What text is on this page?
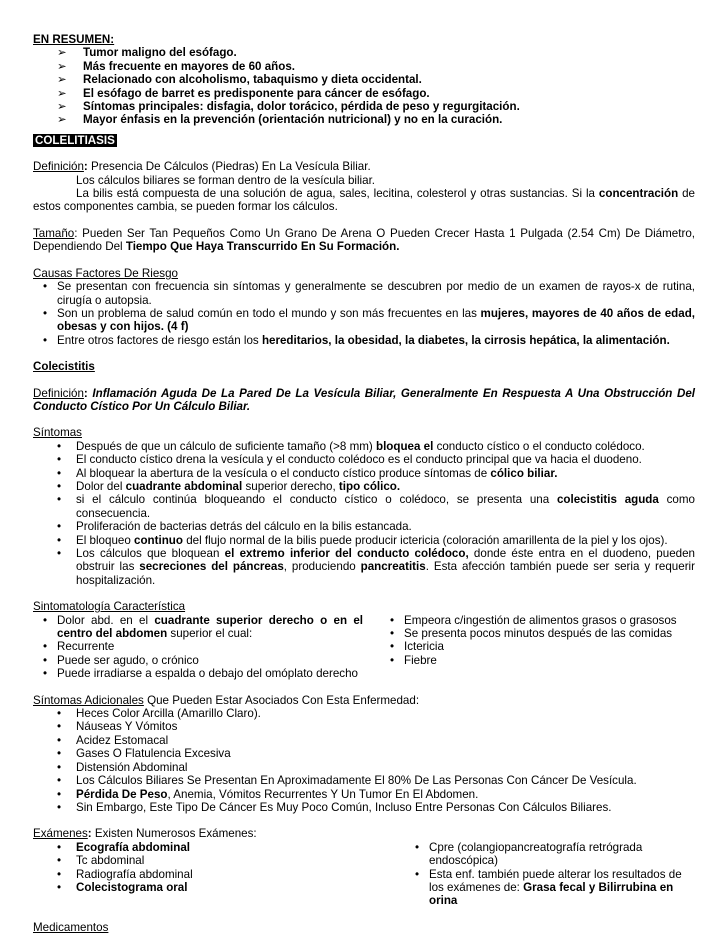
EN RESUMEN:
➢ Tumor maligno del esófago.
➢ Más frecuente en mayores de 60 años.
➢ Relacionado con alcoholismo, tabaquismo y dieta occidental.
➢ El esófago de barret es predisponente para cáncer de esófago.
➢ Síntomas principales: disfagia, dolor torácico, pérdida de peso y regurgitación.
➢ Mayor énfasis en la prevención (orientación nutricional) y no en la curación.
COLELITIASIS
Definición: Presencia De Cálculos (Piedras) En La Vesícula Biliar.
Los cálculos biliares se forman dentro de la vesícula biliar.
La bilis está compuesta de una solución de agua, sales, lecitina, colesterol y otras sustancias. Si la concentración de estos componentes cambia, se pueden formar los cálculos.
Tamaño: Pueden Ser Tan Pequeños Como Un Grano De Arena O Pueden Crecer Hasta 1 Pulgada (2.54 Cm) De Diámetro, Dependiendo Del Tiempo Que Haya Transcurrido En Su Formación.
Causas Factores De Riesgo
• Se presentan con frecuencia sin síntomas y generalmente se descubren por medio de un examen de rayos-x de rutina, cirugía o autopsia.
• Son un problema de salud común en todo el mundo y son más frecuentes en las mujeres, mayores de 40 años de edad, obesas y con hijos. (4 f)
• Entre otros factores de riesgo están los hereditarios, la obesidad, la diabetes, la cirrosis hepática, la alimentación.
Colecistitis
Definición: Inflamación Aguda De La Pared De La Vesícula Biliar, Generalmente En Respuesta A Una Obstrucción Del Conducto Cístico Por Un Cálculo Biliar.
Síntomas
• Después de que un cálculo de suficiente tamaño (>8 mm) bloquea el conducto cístico o el conducto colédoco.
• El conducto cístico drena la vesícula y el conducto colédoco es el conducto principal que va hacia el duodeno.
• Al bloquear la abertura de la vesícula o el conducto cístico produce síntomas de cólico biliar.
• Dolor del cuadrante abdominal superior derecho, tipo cólico.
• si el cálculo continúa bloqueando el conducto cístico o colédoco, se presenta una colecistitis aguda como consecuencia.
• Proliferación de bacterias detrás del cálculo en la bilis estancada.
• El bloqueo continuo del flujo normal de la bilis puede producir ictericia (coloración amarillenta de la piel y los ojos).
• Los cálculos que bloquean el extremo inferior del conducto colédoco, donde éste entra en el duodeno, pueden obstruir las secreciones del páncreas, produciendo pancreatitis. Esta afección también puede ser seria y requerir hospitalización.
Sintomatología Característica
• Dolor abd. en el cuadrante superior derecho o en el centro del abdomen superior el cual:
• Recurrente
• Puede ser agudo, o crónico
• Puede irradiarse a espalda o debajo del omóplato derecho
• Empeora c/ingestión de alimentos grasos o grasosos
• Se presenta pocos minutos después de las comidas
• Ictericia
• Fiebre
Síntomas Adicionales Que Pueden Estar Asociados Con Esta Enfermedad:
• Heces Color Arcilla (Amarillo Claro).
• Náuseas Y Vómitos
• Acidez Estomacal
• Gases O Flatulencia Excesiva
• Distensión Abdominal
• Los Cálculos Biliares Se Presentan En Aproximadamente El 80% De Las Personas Con Cáncer De Vesícula.
• Pérdida De Peso, Anemia, Vómitos Recurrentes Y Un Tumor En El Abdomen.
• Sin Embargo, Este Tipo De Cáncer Es Muy Poco Común, Incluso Entre Personas Con Cálculos Biliares.
Exámenes: Existen Numerosos Exámenes:
• Ecografía abdominal
• Tc abdominal
• Radiografía abdominal
• Colecistograma oral
• Cpre (colangiopancreatografía retrógrada endoscópica)
• Esta enf. también puede alterar los resultados de los exámenes de: Grasa fecal y Bilirrubina en orina
Medicamentos
